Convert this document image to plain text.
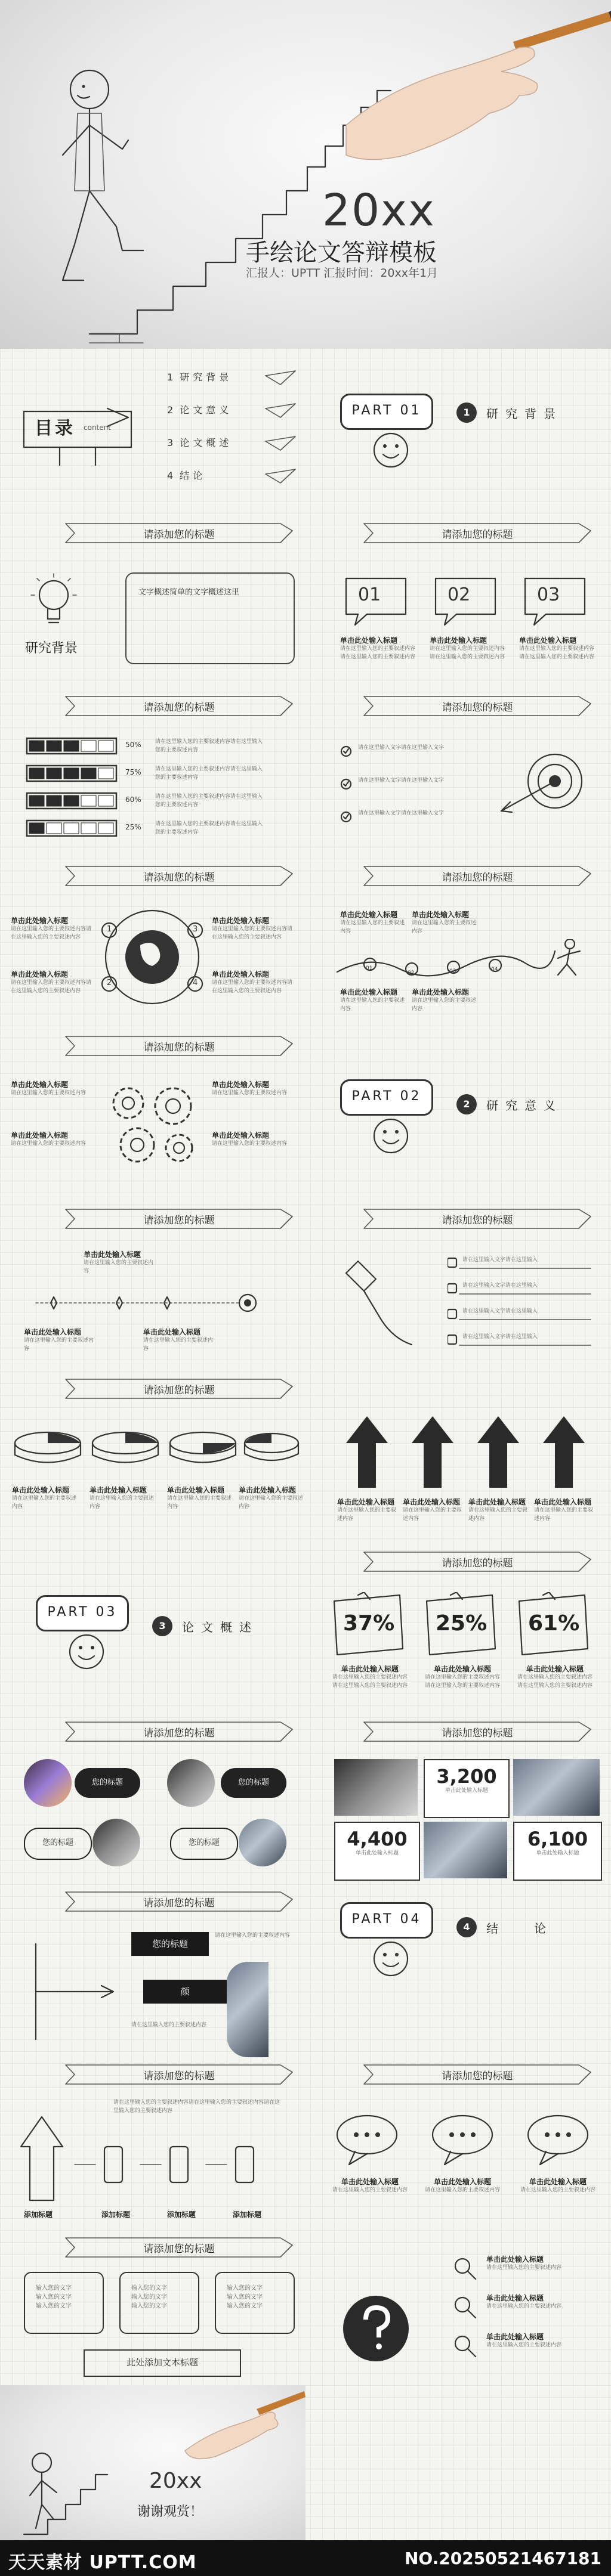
20xx
手绘论文答辩模板
汇报人：UPTT 汇报时间：20xx年1月
目录 content
1 研究背景
2 论文意义
3 论文概述
4 结论
PART 01	1	研究背景
请添加您的标题	请添加您的标题
研究背景
文字概述简单的文字概述这里	01	02	03
单击此处输入标题
请在这里输入您的主要叙述内容请在这里输入您的主要叙述内容
单击此处输入标题
请在这里输入您的主要叙述内容请在这里输入您的主要叙述内容
单击此处输入标题
请在这里输入您的主要叙述内容请在这里输入您的主要叙述内容
请添加您的标题	请添加您的标题
50%
75%
60%
25%
请在这里输入您的主要叙述内容请在这里输入您的主要叙述内容
请在这里输入您的主要叙述内容请在这里输入您的主要叙述内容
请在这里输入您的主要叙述内容请在这里输入您的主要叙述内容
请在这里输入您的主要叙述内容请在这里输入您的主要叙述内容
请在这里输入文字请在这里输入文字
请在这里输入文字请在这里输入文字
请在这里输入文字请在这里输入文字
请添加您的标题	请添加您的标题
1	3
2	4
单击此处输入标题
请在这里输入您的主要叙述内容请在这里输入您的主要叙述内容
单击此处输入标题
请在这里输入您的主要叙述内容请在这里输入您的主要叙述内容
单击此处输入标题
请在这里输入您的主要叙述内容请在这里输入您的主要叙述内容
单击此处输入标题
请在这里输入您的主要叙述内容请在这里输入您的主要叙述内容
单击此处输入标题
请在这里输入您的主要叙述内容
单击此处输入标题
请在这里输入您的主要叙述内容
单击此处输入标题
请在这里输入您的主要叙述内容
单击此处输入标题
请在这里输入您的主要叙述内容
01
02	03	04
请添加您的标题
单击此处输入标题
请在这里输入您的主要叙述内容
单击此处输入标题
请在这里输入您的主要叙述内容
单击此处输入标题
请在这里输入您的主要叙述内容
单击此处输入标题
请在这里输入您的主要叙述内容
PART 02
2	研究意义
请添加您的标题	请添加您的标题
单击此处输入标题
请在这里输入您的主要叙述内容
单击此处输入标题
请在这里输入您的主要叙述内容
单击此处输入标题
请在这里输入您的主要叙述内容
请在这里输入文字请在这里输入
请在这里输入文字请在这里输入
请在这里输入文字请在这里输入
请在这里输入文字请在这里输入
请添加您的标题
单击此处输入标题
请在这里输入您的主要叙述内容
单击此处输入标题
请在这里输入您的主要叙述内容
单击此处输入标题
请在这里输入您的主要叙述内容
单击此处输入标题
请在这里输入您的主要叙述内容
单击此处输入标题
请在这里输入您的主要叙述内容
单击此处输入标题
请在这里输入您的主要叙述内容
单击此处输入标题
请在这里输入您的主要叙述内容
单击此处输入标题
请在这里输入您的主要叙述内容
请添加您的标题
PART 03
3	论文概述	37% 25% 61%
单击此处输入标题
请在这里输入您的主要叙述内容请在这里输入您的主要叙述内容
单击此处输入标题
请在这里输入您的主要叙述内容请在这里输入您的主要叙述内容
单击此处输入标题
请在这里输入您的主要叙述内容请在这里输入您的主要叙述内容
请添加您的标题	请添加您的标题
您的标题	您的标题
您的标题	您的标题
3,200
单击此处输入标题
4,400
单击此处输入标题
6,100
单击此处输入标题
请添加您的标题
您的标题
请在这里输入您的主要叙述内容
颜
请在这里输入您的主要叙述内容
PART 04
4	结论
请添加您的标题	请添加您的标题
请在这里输入您的主要叙述内容请在这里输入您的主要叙述内容请在这里输入您的主要叙述内容
添加标题	添加标题	添加标题	添加标题
单击此处输入标题
请在这里输入您的主要叙述内容
单击此处输入标题
请在这里输入您的主要叙述内容
单击此处输入标题
请在这里输入您的主要叙述内容
请添加您的标题
输入您的文字
输入您的文字
输入您的文字
输入您的文字
输入您的文字
输入您的文字
输入您的文字
输入您的文字
输入您的文字
此处添加文本标题
单击此处输入标题
请在这里输入您的主要叙述内容
单击此处输入标题
请在这里输入您的主要叙述内容
单击此处输入标题
请在这里输入您的主要叙述内容
20xx
谢谢观赏！
天天素材 UPTT.COM	NO.20250521467181
